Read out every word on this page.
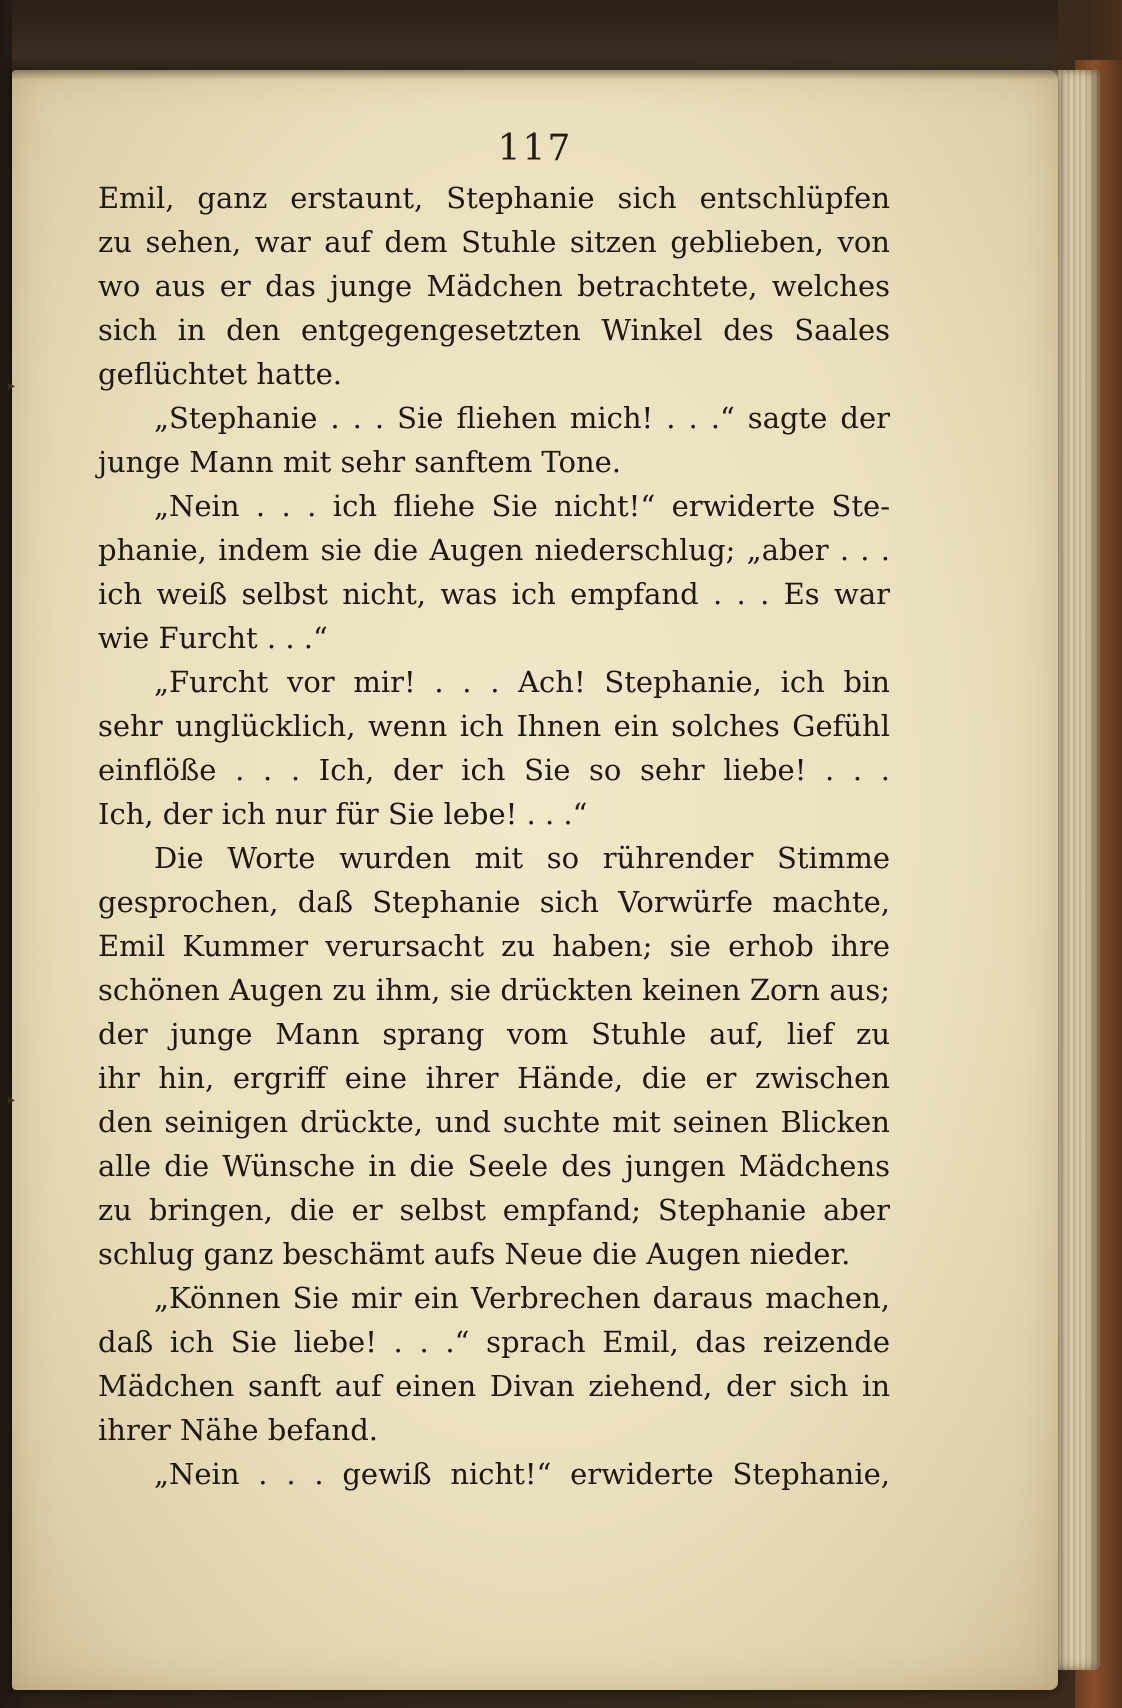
117
Emil, ganz erstaunt, Stephanie sich entschlüpfen
zu sehen, war auf dem Stuhle sitzen geblieben, von
wo aus er das junge Mädchen betrachtete, welches
sich in den entgegengesetzten Winkel des Saales
geflüchtet hatte.
„Stephanie . . . Sie fliehen mich! . . .“ sagte der
junge Mann mit sehr sanftem Tone.
„Nein . . . ich fliehe Sie nicht!“ erwiderte Ste-
phanie, indem sie die Augen niederschlug; „aber . . .
ich weiß selbst nicht, was ich empfand . . . Es war
wie Furcht . . .“
„Furcht vor mir! . . . Ach! Stephanie, ich bin
sehr unglücklich, wenn ich Ihnen ein solches Gefühl
einflöße . . . Ich, der ich Sie so sehr liebe! . . .
Ich, der ich nur für Sie lebe! . . .“
Die Worte wurden mit so rührender Stimme
gesprochen, daß Stephanie sich Vorwürfe machte,
Emil Kummer verursacht zu haben; sie erhob ihre
schönen Augen zu ihm, sie drückten keinen Zorn aus;
der junge Mann sprang vom Stuhle auf, lief zu
ihr hin, ergriff eine ihrer Hände, die er zwischen
den seinigen drückte, und suchte mit seinen Blicken
alle die Wünsche in die Seele des jungen Mädchens
zu bringen, die er selbst empfand; Stephanie aber
schlug ganz beschämt aufs Neue die Augen nieder.
„Können Sie mir ein Verbrechen daraus machen,
daß ich Sie liebe! . . .“ sprach Emil, das reizende
Mädchen sanft auf einen Divan ziehend, der sich in
ihrer Nähe befand.
„Nein . . . gewiß nicht!“ erwiderte Stephanie,
▸
▸
